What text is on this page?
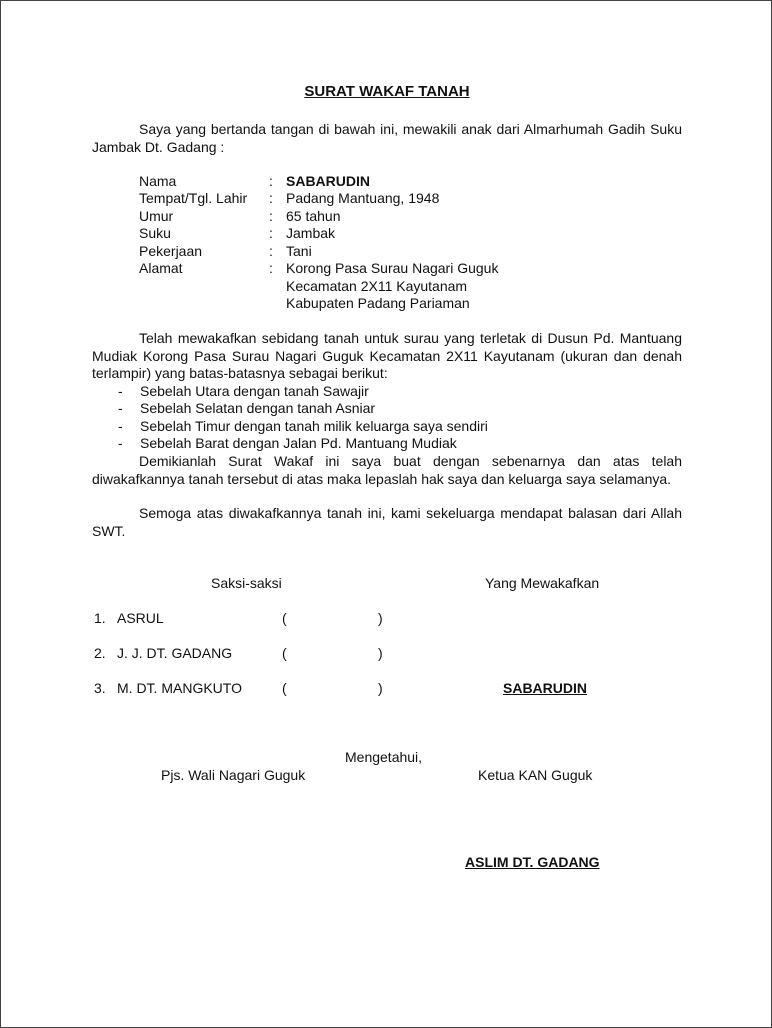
SURAT WAKAF TANAH
Saya yang bertanda tangan di bawah ini, mewakili anak dari Almarhumah Gadih Suku Jambak Dt. Gadang :
Nama	: SABARUDIN
Tempat/Tgl. Lahir : Padang Mantuang, 1948
Umur	: 65 tahun
Suku	: Jambak
Pekerjaan	: Tani
Alamat	: Korong Pasa Surau Nagari Guguk
Kecamatan 2X11 Kayutanam
Kabupaten Padang Pariaman
Telah mewakafkan sebidang tanah untuk surau yang terletak di Dusun Pd. Mantuang Mudiak Korong Pasa Surau Nagari Guguk Kecamatan 2X11 Kayutanam (ukuran dan denah terlampir) yang batas-batasnya sebagai berikut:
- Sebelah Utara dengan tanah Sawajir
- Sebelah Selatan dengan tanah Asniar
- Sebelah Timur dengan tanah milik keluarga saya sendiri
- Sebelah Barat dengan Jalan Pd. Mantuang Mudiak
Demikianlah Surat Wakaf ini saya buat dengan sebenarnya dan atas telah diwakafkannya tanah tersebut di atas maka lepaslah hak saya dan keluarga saya selamanya.
Semoga atas diwakafkannya tanah ini, kami sekeluarga mendapat balasan dari Allah SWT.
Saksi-saksi	Yang Mewakafkan
1. ASRUL	(	)
2. J. J. DT. GADANG	(	)
3. M. DT. MANGKUTO	(	)	SABARUDIN
Mengetahui,
Pjs. Wali Nagari Guguk	Ketua KAN Guguk
ASLIM DT. GADANG
